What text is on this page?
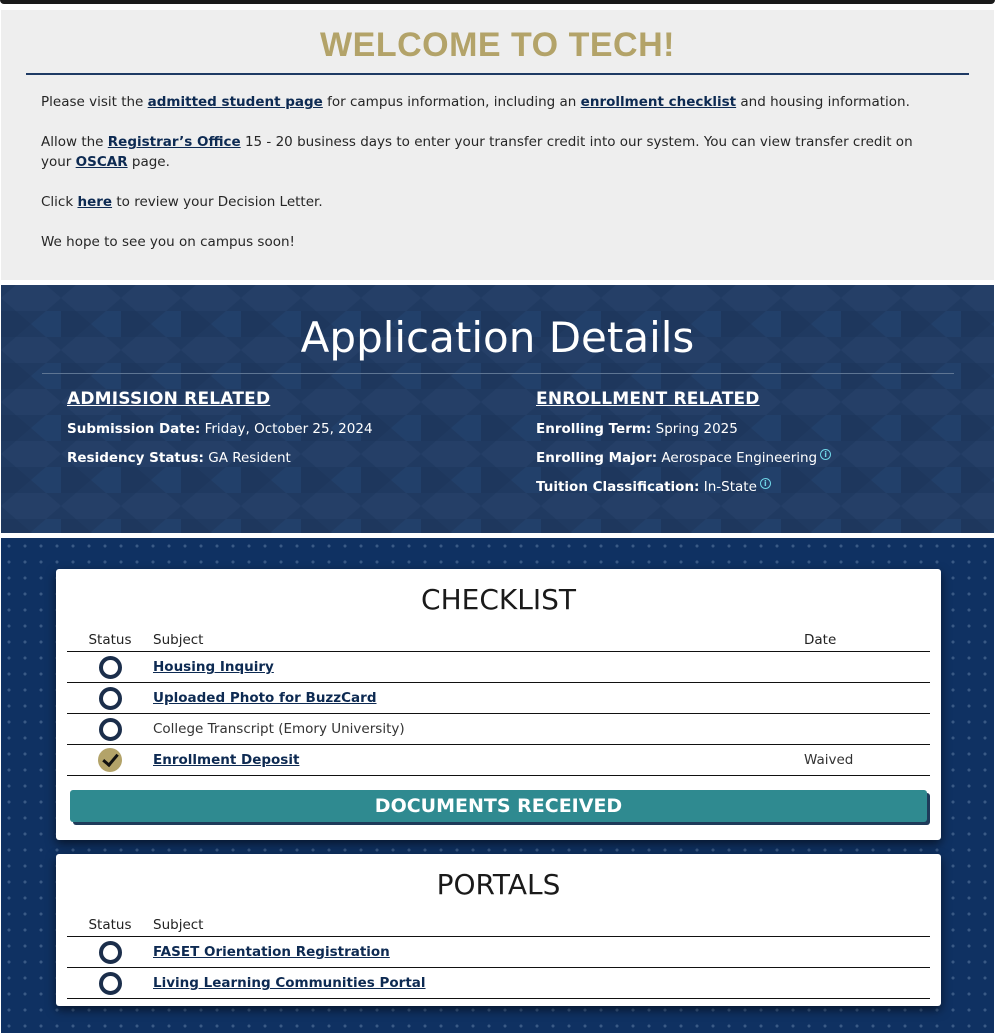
WELCOME TO TECH!
Please visit the admitted student page for campus information, including an enrollment checklist and housing information.
Allow the Registrar’s Office 15 - 20 business days to enter your transfer credit into our system. You can view transfer credit on your OSCAR page.
Click here to review your Decision Letter.
We hope to see you on campus soon!
Application Details
ADMISSION RELATED
Submission Date: Friday, October 25, 2024
Residency Status: GA Resident
ENROLLMENT RELATED
Enrolling Term: Spring 2025
Enrolling Major: Aerospace Engineering i
Tuition Classification: In-State i
CHECKLIST
Status	Subject	Date
	Housing Inquiry	
	Uploaded Photo for BuzzCard	
	College Transcript (Emory University)	
	Enrollment Deposit	Waived
DOCUMENTS RECEIVED
PORTALS
Status	Subject
	FASET Orientation Registration
	Living Learning Communities Portal
